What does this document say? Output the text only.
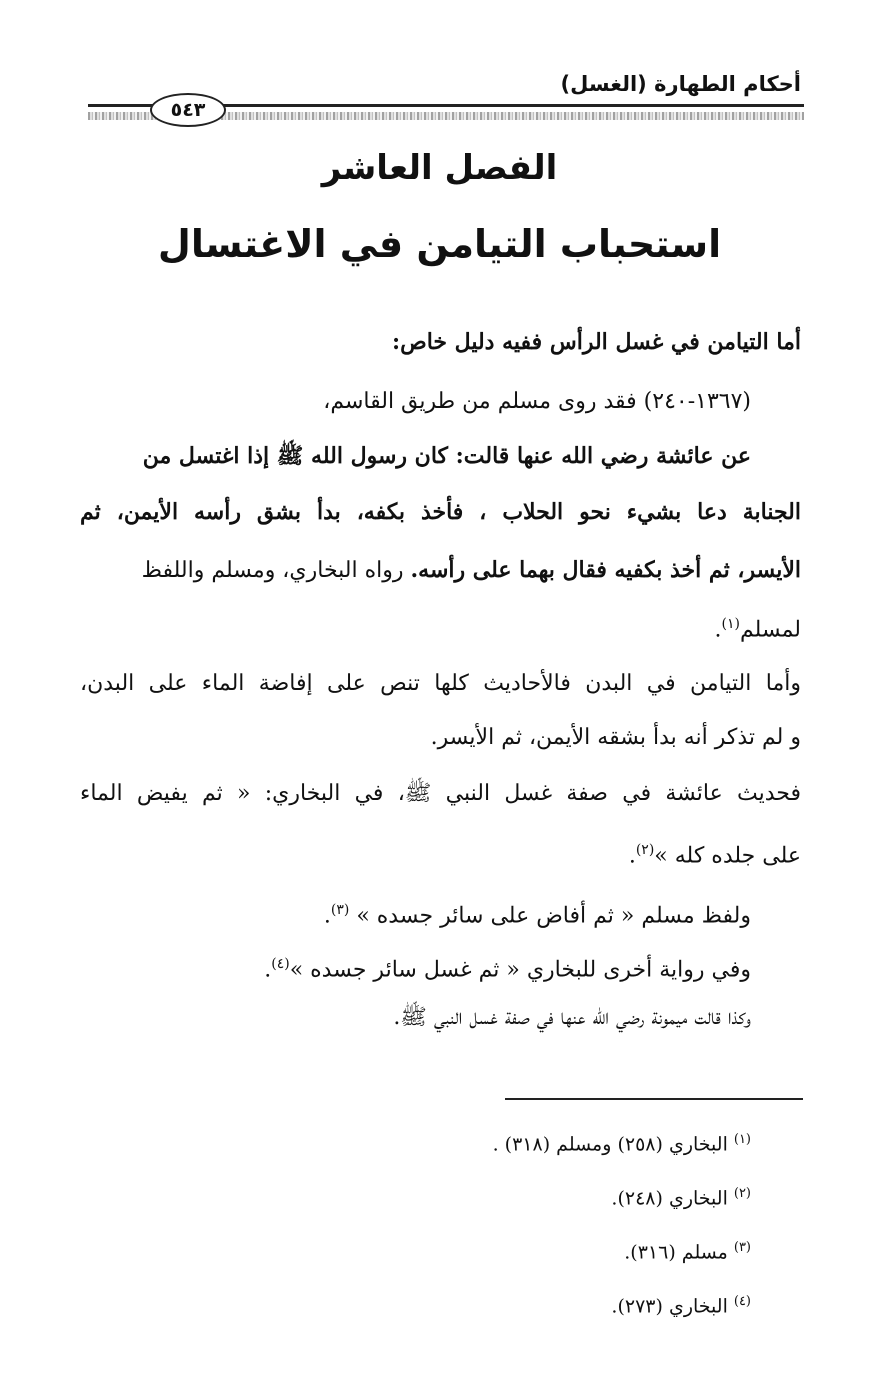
أحكام الطهارة (الغسل)
٥٤٣
الفصل العاشر
استحباب التيامن في الاغتسال
أما التيامن في غسل الرأس ففيه دليل خاص:
(١٣٦٧-٢٤٠) فقد روى مسلم من طريق القاسم،
عن عائشة رضي الله عنها قالت: كان رسول الله ﷺ إذا اغتسل من
الجنابة دعا بشيء نحو الحلاب ، فأخذ بكفه، بدأ بشق رأسه الأيمن، ثم
الأيسر، ثم أخذ بكفيه فقال بهما على رأسه. رواه البخاري، ومسلم واللفظ
لمسلم$^{(١)}$.
وأما التيامن في البدن فالأحاديث كلها تنص على إفاضة الماء على البدن،
و لم تذكر أنه بدأ بشقه الأيمن، ثم الأيسر.
فحديث عائشة في صفة غسل النبي ﷺ، في البخاري: « ثم يفيض الماء
على جلده كله »$^{(٢)}$.
ولفظ مسلم « ثم أفاض على سائر جسده » $^{(٣)}$.
وفي رواية أخرى للبخاري « ثم غسل سائر جسده »$^{(٤)}$.
وكذا قالت ميمونة رضي الله عنها في صفة غسل النبي ﷺ.
$^{(١)}$البخاري (٢٥٨) ومسلم (٣١٨) .
$^{(٢)}$البخاري (٢٤٨).
$^{(٣)}$مسلم (٣١٦).
$^{(٤)}$البخاري (٢٧٣).
